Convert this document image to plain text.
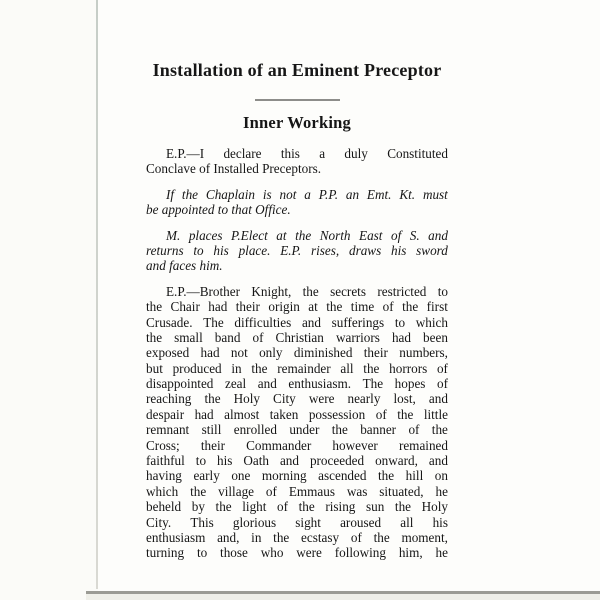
Installation of an Eminent Preceptor
Inner Working
E.P.—I declare this a duly Constituted
Conclave of Installed Preceptors.
If the Chaplain is not a P.P. an Emt. Kt. must
be appointed to that Office.
M. places P.Elect at the North East of S. and
returns to his place. E.P. rises, draws his sword
and faces him.
E.P.—Brother Knight, the secrets restricted to
the Chair had their origin at the time of the first
Crusade. The difficulties and sufferings to which
the small band of Christian warriors had been
exposed had not only diminished their numbers,
but produced in the remainder all the horrors of
disappointed zeal and enthusiasm. The hopes of
reaching the Holy City were nearly lost, and
despair had almost taken possession of the little
remnant still enrolled under the banner of the
Cross; their Commander however remained
faithful to his Oath and proceeded onward, and
having early one morning ascended the hill on
which the village of Emmaus was situated, he
beheld by the light of the rising sun the Holy
City. This glorious sight aroused all his
enthusiasm and, in the ecstasy of the moment,
turning to those who were following him, he
